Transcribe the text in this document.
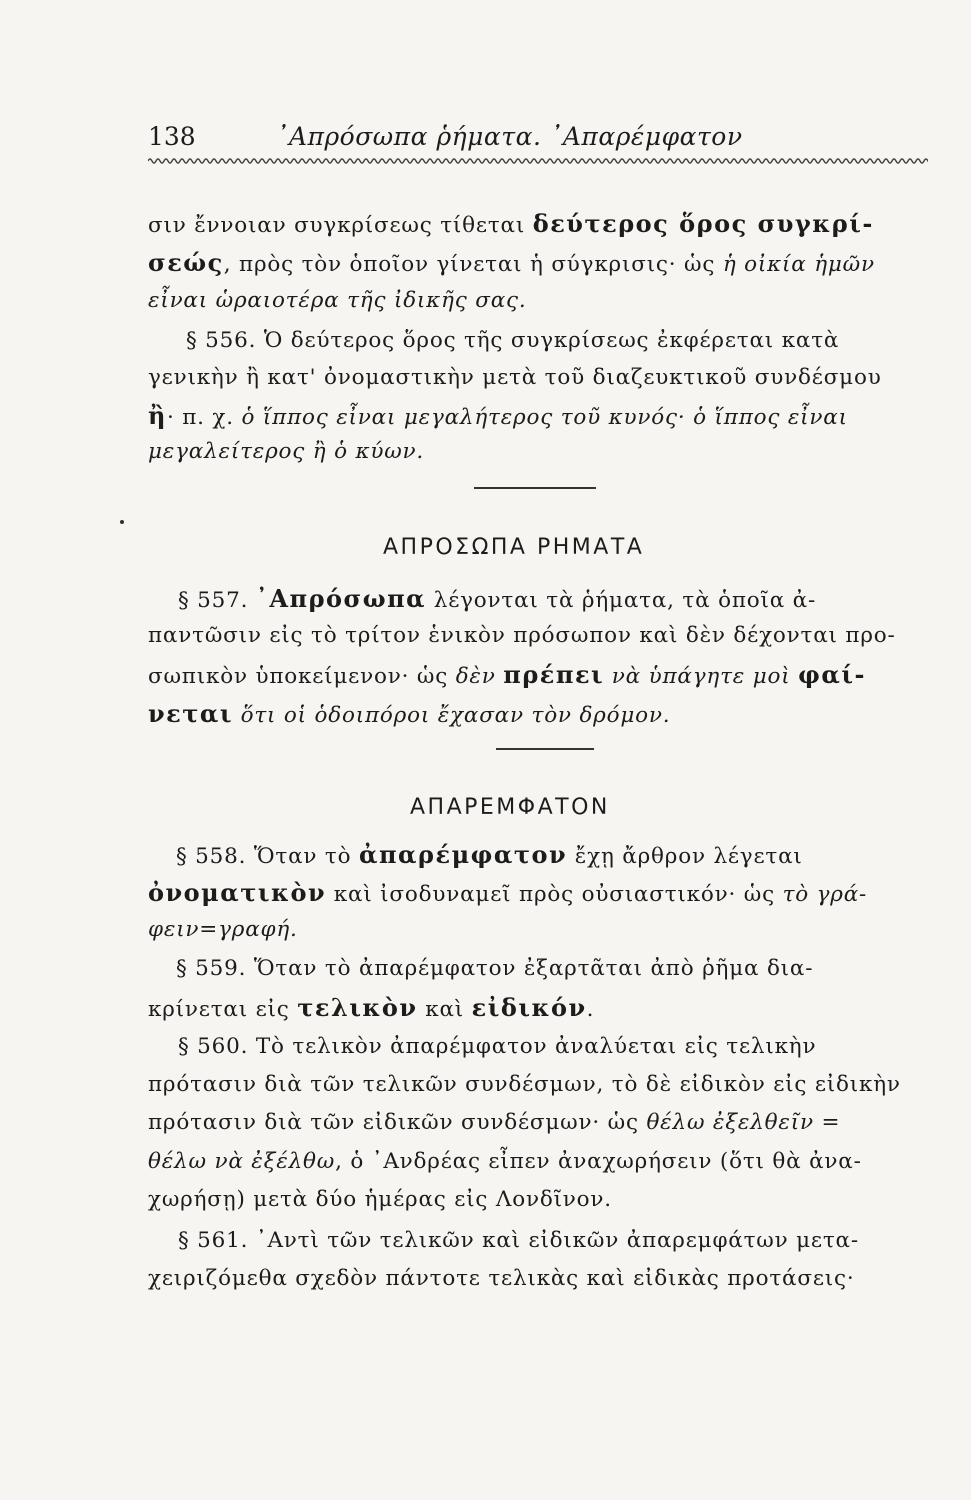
138	᾿Απρόσωπα ῥήματα. ᾿Απαρέμφατον
σιν ἔννοιαν συγκρίσεως τίθεται δεύτερος ὅρος συγκρί-
σεώς, πρὸς τὸν ὁποῖον γίνεται ἡ σύγκρισις· ὡς ἡ οἰκία ἡμῶν
εἶναι ὡραιοτέρα τῆς ἰδικῆς σας.
§ 556. Ὁ δεύτερος ὅρος τῆς συγκρίσεως ἐκφέρεται κατὰ
γενικὴν ἢ κατ' ὀνομαστικὴν μετὰ τοῦ διαζευκτικοῦ συνδέσμου
ἢ· π. χ. ὁ ἵππος εἶναι μεγαλήτερος τοῦ κυνός· ὁ ἵππος εἶναι
μεγαλείτερος ἢ ὁ κύων.
ΑΠΡΟΣΩΠΑ ΡΗΜΑΤΑ
§ 557. ᾿Απρόσωπα λέγονται τὰ ῥήματα, τὰ ὁποῖα ἀ-
παντῶσιν εἰς τὸ τρίτον ἑνικὸν πρόσωπον καὶ δὲν δέχονται προ-
σωπικὸν ὑποκείμενον· ὡς δὲν πρέπει νὰ ὑπάγητε μοὶ φαί-
νεται ὅτι οἱ ὁδοιπόροι ἔχασαν τὸν δρόμον.
ΑΠΑΡΕΜΦΑΤΟΝ
§ 558. Ὅταν τὸ ἀπαρέμφατον ἔχῃ ἄρθρον λέγεται
ὀνοματικὸν καὶ ἰσοδυναμεῖ πρὸς οὐσιαστικόν· ὡς τὸ γρά-
φειν=γραφή.
§ 559. Ὅταν τὸ ἀπαρέμφατον ἐξαρτᾶται ἀπὸ ῥῆμα δια-
κρίνεται εἰς τελικὸν καὶ εἰδικόν.
§ 560. Τὸ τελικὸν ἀπαρέμφατον ἀναλύεται εἰς τελικὴν
πρότασιν διὰ τῶν τελικῶν συνδέσμων, τὸ δὲ εἰδικὸν εἰς εἰδικὴν
πρότασιν διὰ τῶν εἰδικῶν συνδέσμων· ὡς θέλω ἐξελθεῖν =
θέλω νὰ ἐξέλθω, ὁ ᾿Ανδρέας εἶπεν ἀναχωρήσειν (ὅτι θὰ ἀνα-
χωρήσῃ) μετὰ δύο ἡμέρας εἰς Λονδῖνον.
§ 561. ᾿Αντὶ τῶν τελικῶν καὶ εἰδικῶν ἀπαρεμφάτων μετα-
χειριζόμεθα σχεδὸν πάντοτε τελικὰς καὶ εἰδικὰς προτάσεις·
